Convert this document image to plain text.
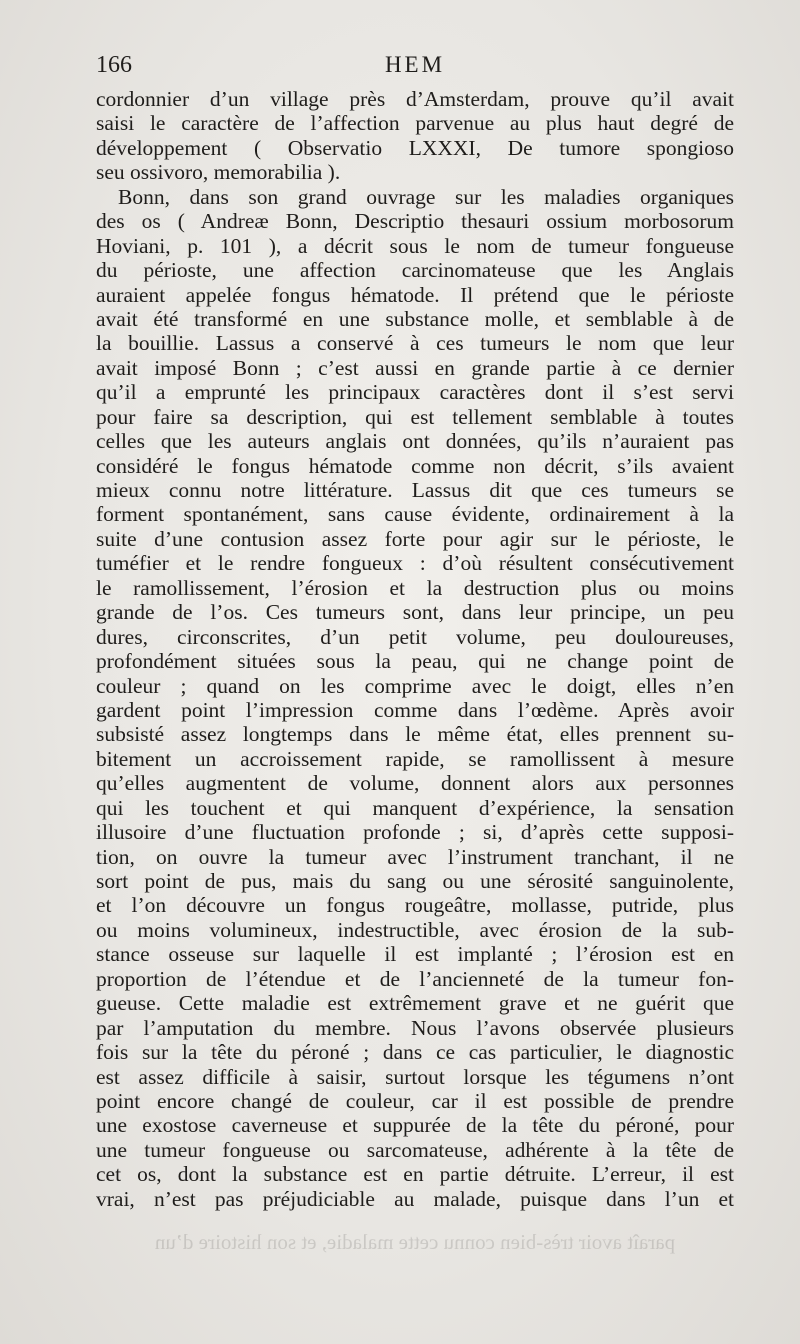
166	HEM
cordonnier d’un village près d’Amsterdam, prouve qu’il avait
saisi le caractère de l’affection parvenue au plus haut degré de
développement ( Observatio LXXXI, De tumore spongioso
seu ossivoro, memorabilia ).
Bonn, dans son grand ouvrage sur les maladies organiques
des os ( Andreæ Bonn, Descriptio thesauri ossium morbosorum
Hoviani, p. 101 ), a décrit sous le nom de tumeur fongueuse
du périoste, une affection carcinomateuse que les Anglais
auraient appelée fongus hématode. Il prétend que le périoste
avait été transformé en une substance molle, et semblable à de
la bouillie. Lassus a conservé à ces tumeurs le nom que leur
avait imposé Bonn ; c’est aussi en grande partie à ce dernier
qu’il a emprunté les principaux caractères dont il s’est servi
pour faire sa description, qui est tellement semblable à toutes
celles que les auteurs anglais ont données, qu’ils n’auraient pas
considéré le fongus hématode comme non décrit, s’ils avaient
mieux connu notre littérature. Lassus dit que ces tumeurs se
forment spontanément, sans cause évidente, ordinairement à la
suite d’une contusion assez forte pour agir sur le périoste, le
tuméfier et le rendre fongueux : d’où résultent consécutivement
le ramollissement, l’érosion et la destruction plus ou moins
grande de l’os. Ces tumeurs sont, dans leur principe, un peu
dures, circonscrites, d’un petit volume, peu douloureuses,
profondément situées sous la peau, qui ne change point de
couleur ; quand on les comprime avec le doigt, elles n’en
gardent point l’impression comme dans l’œdème. Après avoir
subsisté assez longtemps dans le même état, elles prennent su-
bitement un accroissement rapide, se ramollissent à mesure
qu’elles augmentent de volume, donnent alors aux personnes
qui les touchent et qui manquent d’expérience, la sensation
illusoire d’une fluctuation profonde ; si, d’après cette supposi-
tion, on ouvre la tumeur avec l’instrument tranchant, il ne
sort point de pus, mais du sang ou une sérosité sanguinolente,
et l’on découvre un fongus rougeâtre, mollasse, putride, plus
ou moins volumineux, indestructible, avec érosion de la sub-
stance osseuse sur laquelle il est implanté ; l’érosion est en
proportion de l’étendue et de l’ancienneté de la tumeur fon-
gueuse. Cette maladie est extrêmement grave et ne guérit que
par l’amputation du membre. Nous l’avons observée plusieurs
fois sur la tête du péroné ; dans ce cas particulier, le diagnostic
est assez difficile à saisir, surtout lorsque les tégumens n’ont
point encore changé de couleur, car il est possible de prendre
une exostose caverneuse et suppurée de la tête du péroné, pour
une tumeur fongueuse ou sarcomateuse, adhérente à la tête de
cet os, dont la substance est en partie détruite. L’erreur, il est
vrai, n’est pas préjudiciable au malade, puisque dans l’un et
paraît avoir très-bien connu cette maladie, et son histoire d’un
